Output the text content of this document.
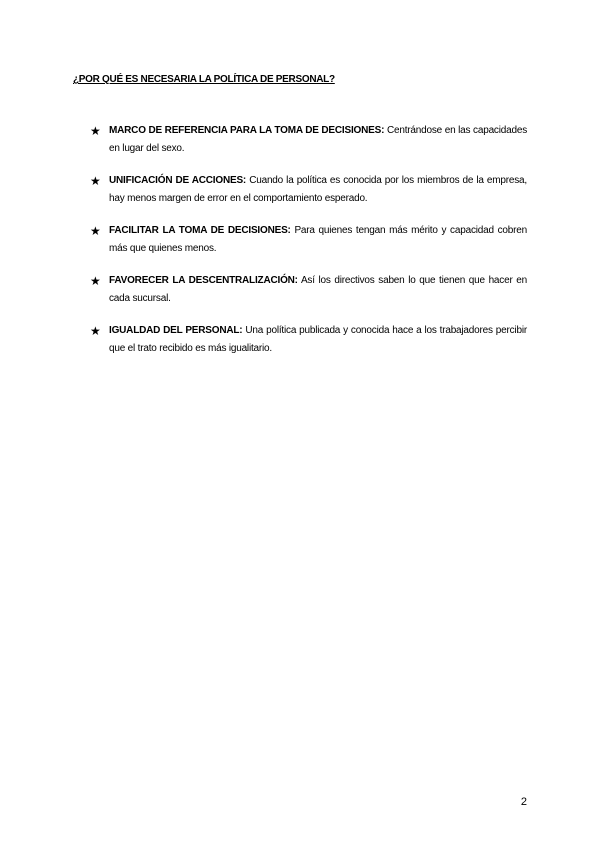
¿POR QUÉ ES NECESARIA LA POLÍTICA DE PERSONAL?
★ MARCO DE REFERENCIA PARA LA TOMA DE DECISIONES: Centrándose en las capacidades en lugar del sexo.
★ UNIFICACIÓN DE ACCIONES: Cuando la política es conocida por los miembros de la empresa, hay menos margen de error en el comportamiento esperado.
★ FACILITAR LA TOMA DE DECISIONES: Para quienes tengan más mérito y capacidad cobren más que quienes menos.
★ FAVORECER LA DESCENTRALIZACIÓN: Así los directivos saben lo que tienen que hacer en cada sucursal.
★ IGUALDAD DEL PERSONAL: Una política publicada y conocida hace a los trabajadores percibir que el trato recibido es más igualitario.
2
